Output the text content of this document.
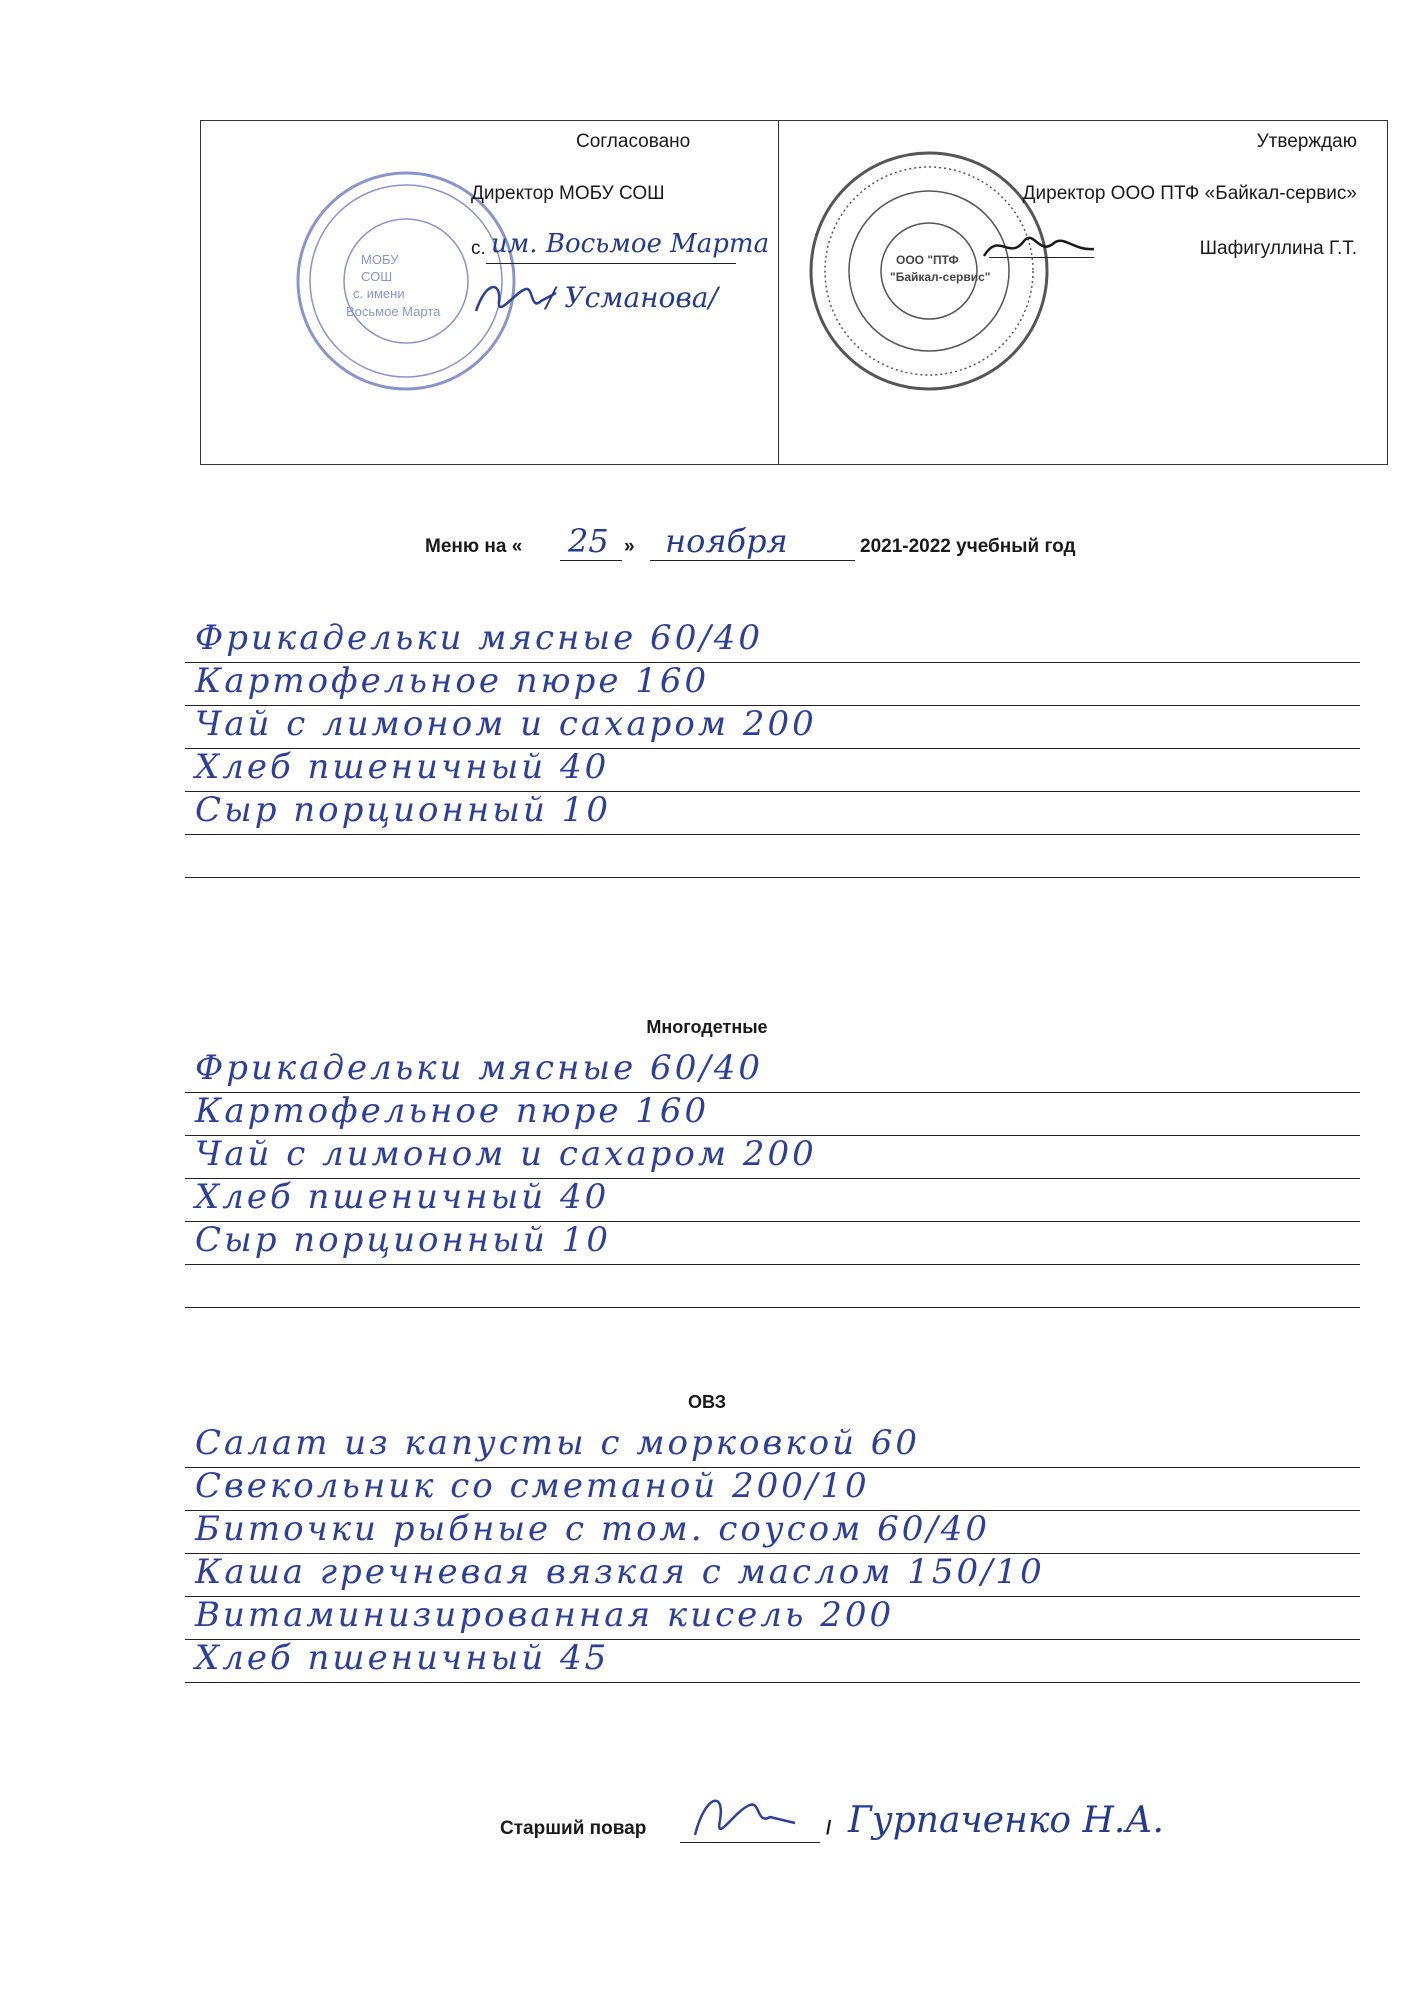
МОБУ
СОШ
с. имени
Восьмое Марта
Согласовано
Директор МОБУ СОШ
с. им. Восьмое Марта
/ Усманова/
ООО "ПТФ
"Байкал-сервис"
Утверждаю
Директор ООО ПТФ «Байкал-сервис»
Шафигуллина Г.Т.
Меню на « 25 » ноября	2021-2022 учебный год
Фрикадельки мясные 60/40
Картофельное пюре 160
Чай с лимоном и сахаром 200
Хлеб пшеничный 40
Сыр порционный 10
Многодетные
Фрикадельки мясные 60/40
Картофельное пюре 160
Чай с лимоном и сахаром 200
Хлеб пшеничный 40
Сыр порционный 10
ОВЗ
Салат из капусты с морковкой 60
Свекольник со сметаной 200/10
Биточки рыбные с том. соусом 60/40
Каша гречневая вязкая с маслом 150/10
Витаминизированная кисель 200
Хлеб пшеничный 45
Старший повар	/ Гурпаченко Н.А.
